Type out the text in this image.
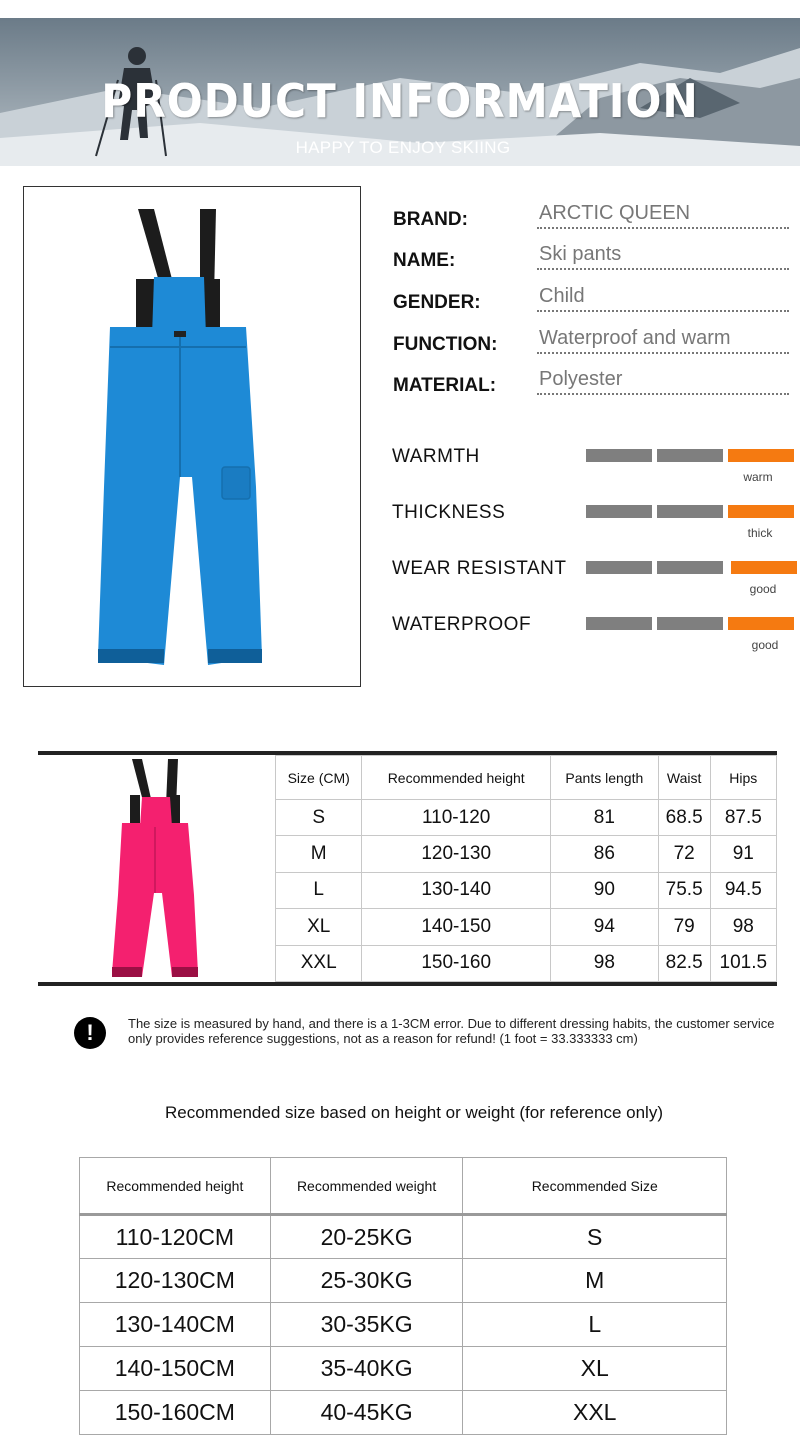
PRODUCT INFORMATION
HAPPY TO ENJOY SKIING
BRAND:	ARCTIC QUEEN
NAME:	Ski pants
GENDER:	Child
FUNCTION: Waterproof and warm
MATERIAL: Polyester
WARMTH
warm
THICKNESS
thick
WEAR RESISTANT
good
WATERPROOF
good
Size (CM)	Recommended height	Pants length	Waist	Hips
S	110-120	81	68.5	87.5
M	120-130	86	72	91
L	130-140	90	75.5	94.5
XL	140-150	94	79	98
XXL	150-160	98	82.5	101.5
!	The size is measured by hand, and there is a 1-3CM error. Due to different dressing habits, the customer service only provides reference suggestions, not as a reason for refund! (1 foot = 33.333333 cm)
Recommended size based on height or weight (for reference only)
Recommended height	Recommended weight	Recommended Size
110-120CM	20-25KG	S
120-130CM	25-30KG	M
130-140CM	30-35KG	L
140-150CM	35-40KG	XL
150-160CM	40-45KG	XXL
